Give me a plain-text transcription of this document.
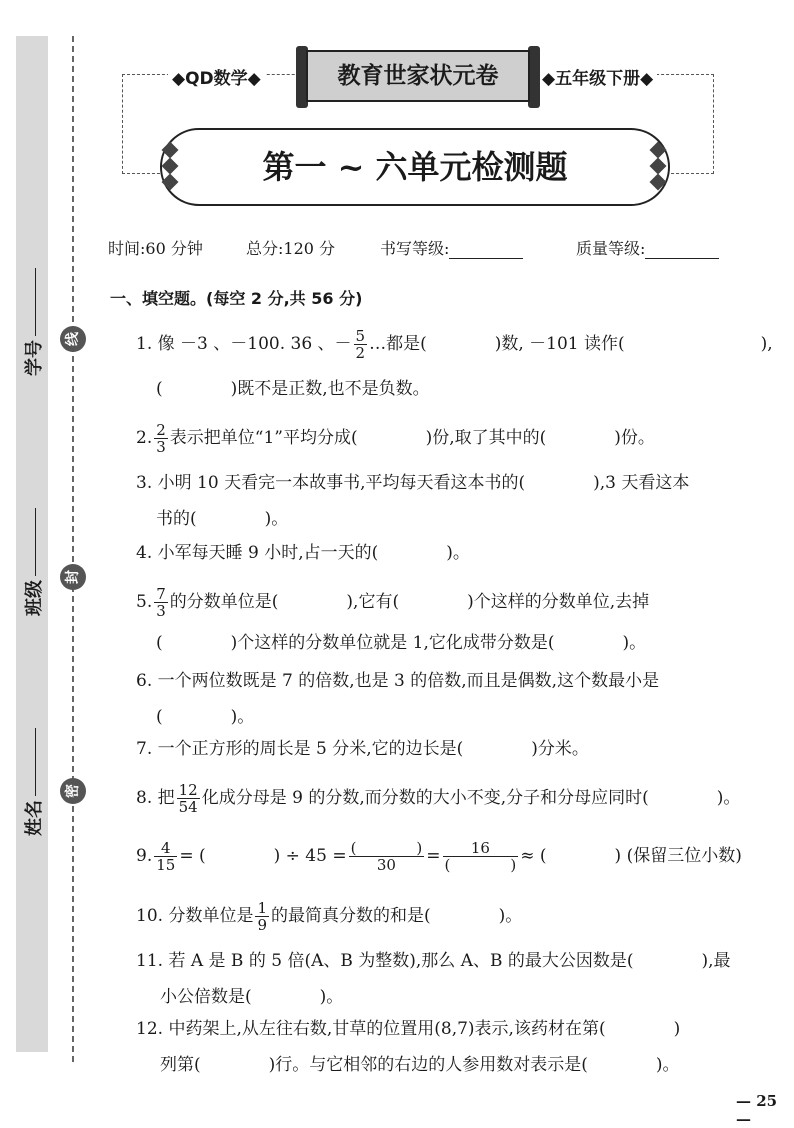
学号
班级
姓名
线
封
密
◆QD数学◆	◆五年级下册◆
教育世家状元卷
第一 ~ 六单元检测题
时间:60 分钟	总分:120 分	书写等级:	质量等级:
一、填空题。(每空 2 分,共 56 分)
1. 像 －3 、－100. 36 、－ $\frac{5}{2}$ …都是(　　　　)数, －101 读作(　　　　　　　　),
(　　　　)既不是正数,也不是负数。
2. $\frac{2}{3}$ 表示把单位“1”平均分成(　　　　)份,取了其中的(　　　　)份。
3. 小明 10 天看完一本故事书,平均每天看这本书的(　　　　),3 天看这本
书的(　　　　)。
4. 小军每天睡 9 小时,占一天的(　　　　)。
5. $\frac{7}{3}$ 的分数单位是(　　　　),它有(　　　　)个这样的分数单位,去掉
(　　　　)个这样的分数单位就是 1,它化成带分数是(　　　　)。
6. 一个两位数既是 7 的倍数,也是 3 的倍数,而且是偶数,这个数最小是
(　　　　)。
7. 一个正方形的周长是 5 分米,它的边长是(　　　　)分米。
8. 把 $\frac{12}{54}$ 化成分母是 9 的分数,而分数的大小不变,分子和分母应同时(　　　　)。
9. $\frac{4}{15}$ = (　　　　) ÷ $45 = \frac{( )}{30} = \frac{16}{( )}$ ≈ (　　　　) (保留三位小数)
10. 分数单位是 $\frac{1}{9}$ 的最简真分数的和是(　　　　)。
11. 若 A 是 B 的 5 倍(A、B 为整数),那么 A、B 的最大公因数是(　　　　),最
小公倍数是(　　　　)。
12. 中药架上,从左往右数,甘草的位置用(8,7)表示,该药材在第(　　　　)
列第(　　　　)行。与它相邻的右边的人参用数对表示是(　　　　)。
— 25 —
